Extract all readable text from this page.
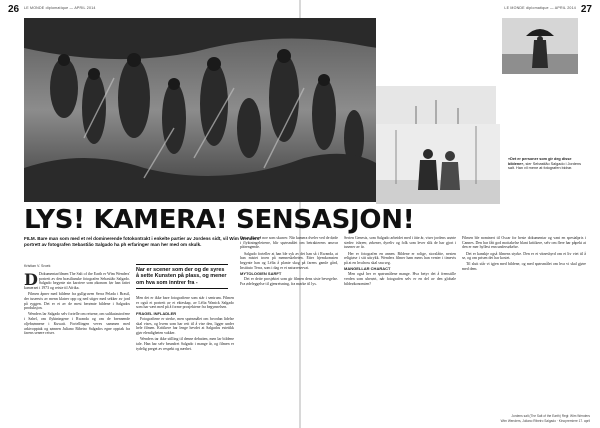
26 LE MONDE diplomatique — APRIL 2014	27
LE MONDE diplomatique — APRIL 2014
«Det er personer som gir deg disse bildene», sier Sebastião Salgado i Jordens salt. Han vil mene at fotografen bidrar.
LYS! KAMERA! SENSASJON!

FILM. Bare man som med et rel dominerende fotokontrakt i enkelte partier av Jordens sidt, vil Wim Wenders' portrett av fotografen Sebastião Salgado ha ph erfaringer man her med om skulk.

Kristian V. Sroek

Nar er scener som der og de syres å sette Kunsten på plass, og mener om hva som inntrer fra -

D Dokumentarfilmen The Salt of the Earth er Wim Wenders' portrett av den brasilianske fotografen Sebastião Salgado. Salgado begynte sin karriere som økonom før han fattet kameraet i 1973 og reiste til Afrika.

Filmen åpner med bildene fra gullgruven Serra Pelada i Brasil, der tusenvis av menn klatrer opp og ned stiger med sekker av jord på ryggen. Det er et av de mest berømte bildene i Salgados produksjon.

Wenders lar Salgado selv fortelle om reisene, om sultkatastrofene i Sahel, om flyktningene i Rwanda og om de brennende oljebrønnene i Kuwait. Fortellingen veves sammen med arkivopptak og sønnen Juliano Ribeiro Salgados egne opptak fra farens senere reiser.

Men det er ikke bare fotografiene som står i sentrum. Filmen er også et portrett av et ekteskap, av Lélia Wanick Salgado som har vært med på å forme prosjektene fra begynnelsen.

FRAGEL INFLADLER

Fotografiene er sterke, men spørsmålet om hvordan lidelse skal vises, og hvem som har rett til å vise den, ligger under hele filmen. Kritikere har lenge hevdet at Salgados estetikk gjør elendigheten vakker.

Wenders tar ikke stilling til denne debatten, men lar bildene tale. Han har selv beundret Salgado i mange år, og filmen er tydelig preget av respekt og nærhet.

Det er likevel noe som skurrer. Når kamera dveler ved de døde i flyktningeleirene, blir spørsmålet om betrakterens ansvar påtrengende.

Salgado forteller at han ble syk av det han så i Rwanda, at han mistet troen på menneskeheten. Etter hjemkomsten begynte han og Lélia å plante skog på farens gamle gård, Instituto Terra, som i dag er et naturreservat.

MYTOLOGIEN SARFT

Det er dette prosjektet som gir filmen dens siste bevegelse. Fra ødeleggelse til gjenreisning, fra mørke til lys.

Serien Genesis, som Salgado arbeidet med i åtte år, viser jordens urørte steder: isbreer, ørkener, dyreliv og folk som lever slik de har gjort i tusener av år.

Her er fotografen en annen. Bildene er rolige, storslåtte, nesten religiøse i sitt uttrykk. Wenders filmer ham mens han venter i timevis på at en hvalross skal snu seg.

MANGELLAR CHARACT

Men også her er spørsmålene mange. Hva betyr det å fremstille verden som uberørt, når fotografen selv er en del av den globale bildeøkonomien?

Filmen ble nominert til Oscar for beste dokumentar og vant en spesialpris i Cannes. Den har fått god mottakelse blant kritikere, selv om flere har påpekt at den er mer hyllest enn undersøkelse.

Det er kanskje også filmens styrke. Den er et vitnesbyrd om et liv viet til å se, og om prisen det har kostet.

Til slutt står vi igjen med bildene, og med spørsmålet om hva vi skal gjøre med dem.

Jordens salt (The Salt of the Earth) Regi: Wim Wenders

Wim Wenders, Juliano Ribeiro Salgado · Kinopremiere 17. april
